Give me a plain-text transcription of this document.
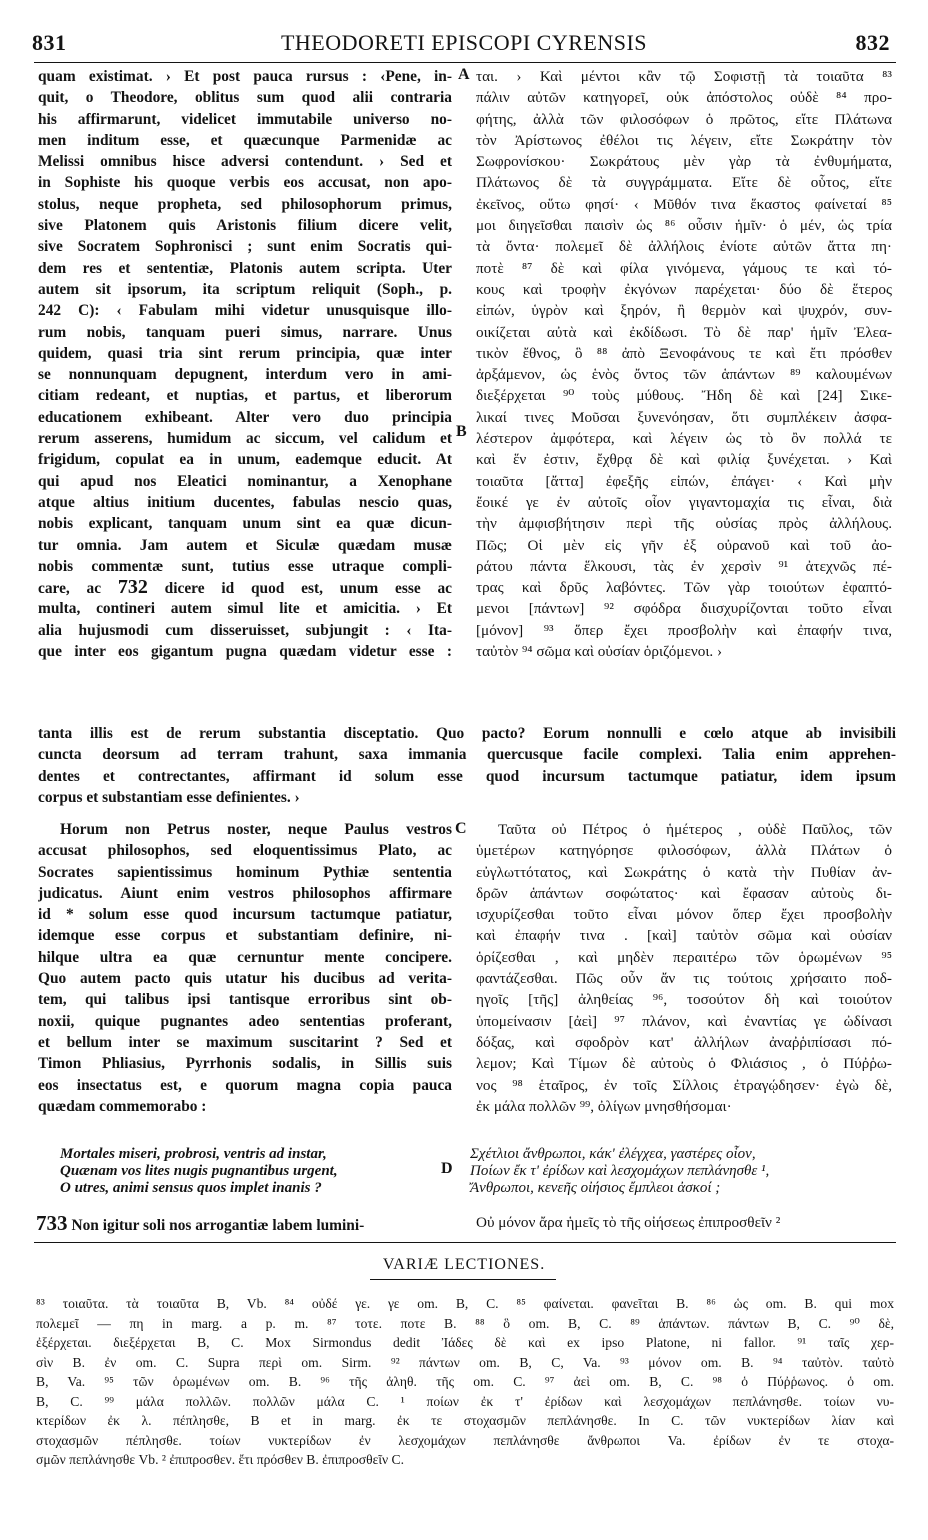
831	THEODORETI EPISCOPI CYRENSIS	832
quam existimat. › Et post pauca rursus : ‹Pene, in-
quit, o Theodore, oblitus sum quod alii contraria
his affirmarunt, videlicet immutabile universo no-
men inditum esse, et quæcunque Parmenidæ ac
Melissi omnibus hisce adversi contendunt. › Sed et
in Sophiste his quoque verbis eos accusat, non apo-
stolus, neque propheta, sed philosophorum primus,
sive Platonem quis Aristonis filium dicere velit,
sive Socratem Sophronisci ; sunt enim Socratis qui-
dem res et sententiæ, Platonis autem scripta. Uter
autem sit ipsorum, ita scriptum reliquit (Soph., p.
242 C): ‹ Fabulam mihi videtur unusquisque illo-
rum nobis, tanquam pueri simus, narrare. Unus
quidem, quasi tria sint rerum principia, quæ inter
se nonnunquam depugnent, interdum vero in ami-
citiam redeant, et nuptias, et partus, et liberorum
educationem exhibeant. Alter vero duo principia
rerum asserens, humidum ac siccum, vel calidum et
frigidum, copulat ea in unum, eademque educit. At
qui apud nos Eleatici nominantur, a Xenophane
atque altius initium ducentes, fabulas nescio quas,
nobis explicant, tanquam unum sint ea quæ dicun-
tur omnia. Jam autem et Siculæ quædam musæ
nobis commentæ sunt, tutius esse utraque compli-
care, ac 732 dicere id quod est, unum esse ac
multa, contineri autem simul lite et amicitia. › Et
alia hujusmodi cum disseruisset, subjungit : ‹ Ita-
que inter eos gigantum pugna quædam videtur esse :
ται. › Καὶ μέντοι κἂν τῷ Σοφιστῇ τὰ τοιαῦτα ⁸³
πάλιν αὐτῶν κατηγορεῖ, οὐκ ἀπόστολος οὐδὲ ⁸⁴ προ-
φήτης, ἀλλὰ τῶν φιλοσόφων ὁ πρῶτος, εἴτε Πλάτωνα
τὸν Ἀρίστωνος ἐθέλοι τις λέγειν, εἴτε Σωκράτην τὸν
Σωφρονίσκου· Σωκράτους μὲν γὰρ τὰ ἐνθυμήματα,
Πλάτωνος δὲ τὰ συγγράμματα. Εἴτε δὲ οὗτος, εἴτε
ἐκεῖνος, οὕτω φησί· ‹ Μῦθόν τινα ἕκαστος φαίνεταί ⁸⁵
μοι διηγεῖσθαι παισὶν ὡς ⁸⁶ οὖσιν ἡμῖν· ὁ μέν, ὡς τρία
τὰ ὄντα· πολεμεῖ δὲ ἀλλήλοις ἐνίοτε αὐτῶν ἄττα πη·
ποτὲ ⁸⁷ δὲ καὶ φίλα γινόμενα, γάμους τε καὶ τό-
κους καὶ τροφὴν ἐκγόνων παρέχεται· δύο δὲ ἕτερος
εἰπών, ὑγρὸν καὶ ξηρόν, ἢ θερμὸν καὶ ψυχρόν, συν-
οικίζεται αὐτὰ καὶ ἐκδίδωσι. Τὸ δὲ παρ' ἡμῖν Ἐλεα-
τικὸν ἔθνος, ὃ ⁸⁸ ἀπὸ Ξενοφάνους τε καὶ ἔτι πρόσθεν
ἀρξάμενον, ὡς ἑνὸς ὄντος τῶν ἁπάντων ⁸⁹ καλουμένων
διεξέρχεται ⁹⁰ τοὺς μύθους. Ἤδη δὲ καὶ [24] Σικε-
λικαί τινες Μοῦσαι ξυνενόησαν, ὅτι συμπλέκειν ἀσφα-
λέστερον ἀμφότερα, καὶ λέγειν ὡς τὸ ὂν πολλά τε
καὶ ἕν ἐστιν, ἔχθρᾳ δὲ καὶ φιλίᾳ ξυνέχεται. › Καὶ
τοιαῦτα [ἄττα] ἐφεξῆς εἰπών, ἐπάγει· ‹ Καὶ μὴν
ἔοικέ γε ἐν αὐτοῖς οἷον γιγαντομαχία τις εἶναι, διὰ
τὴν ἀμφισβήτησιν περὶ τῆς οὐσίας πρὸς ἀλλήλους.
Πῶς; Οἱ μὲν εἰς γῆν ἐξ οὐρανοῦ καὶ τοῦ ἀο-
ράτου πάντα ἕλκουσι, τὰς ἐν χερσὶν ⁹¹ ἀτεχνῶς πέ-
τρας καὶ δρῦς λαβόντες. Τῶν γὰρ τοιούτων ἐφαπτό-
μενοι [πάντων] ⁹² σφόδρα διισχυρίζονται τοῦτο εἶναι
[μόνον] ⁹³ ὅπερ ἔχει προσβολὴν καὶ ἐπαφήν τινα,
ταὐτὸν ⁹⁴ σῶμα καὶ οὐσίαν ὁριζόμενοι. ›
A
B
C
D
tanta illis est de rerum substantia disceptatio. Quo pacto? Eorum nonnulli e cœlo atque ab invisibili
cuncta deorsum ad terram trahunt, saxa immania quercusque facile complexi. Talia enim apprehen-
dentes et contrectantes, affirmant id solum esse quod incursum tactumque patiatur, idem ipsum
corpus et substantiam esse definientes. ›
Horum non Petrus noster, neque Paulus vestros
accusat philosophos, sed eloquentissimus Plato, ac
Socrates sapientissimus hominum Pythiæ sententia
judicatus. Aiunt enim vestros philosophos affirmare
id * solum esse quod incursum tactumque patiatur,
idemque esse corpus et substantiam definire, ni-
hilque ultra ea quæ cernuntur mente concipere.
Quo autem pacto quis utatur his ducibus ad verita-
tem, qui talibus ipsi tantisque erroribus sint ob-
noxii, quique pugnantes adeo sententias proferant,
et bellum inter se maximum suscitarint ? Sed et
Timon Phliasius, Pyrrhonis sodalis, in Sillis suis
eos insectatus est, e quorum magna copia pauca
quædam commemorabo :
Ταῦτα οὐ Πέτρος ὁ ἡμέτερος , οὐδὲ Παῦλος, τῶν
ὑμετέρων κατηγόρησε φιλοσόφων, ἀλλὰ Πλάτων ὁ
εὐγλωττότατος, καὶ Σωκράτης ὁ κατὰ τὴν Πυθίαν ἀν-
δρῶν ἁπάντων σοφώτατος· καὶ ἔφασαν αὐτοὺς δι-
ισχυρίζεσθαι τοῦτο εἶναι μόνον ὅπερ ἔχει προσβολὴν
καὶ ἐπαφήν τινα . [καὶ] ταὐτὸν σῶμα καὶ οὐσίαν
ὁρίζεσθαι , καὶ μηδὲν περαιτέρω τῶν ὁρωμένων ⁹⁵
φαντάζεσθαι. Πῶς οὖν ἄν τις τούτοις χρήσαιτο ποδ-
ηγοῖς [τῆς] ἀληθείας ⁹⁶, τοσούτον δὴ καὶ τοιούτον
ὑπομείνασιν [ἀεὶ] ⁹⁷ πλάνον, καὶ ἐναντίας γε ὠδίνασι
δόξας, καὶ σφοδρὸν κατ' ἀλλήλων ἀναῤῥιπίσασι πό-
λεμον; Καὶ Τίμων δὲ αὐτοὺς ὁ Φλιάσιος , ὁ Πύῤῥω-
νος ⁹⁸ ἑταῖρος, ἐν τοῖς Σίλλοις ἐτραγῴδησεν· ἐγὼ δὲ,
ἐκ μάλα πολλῶν ⁹⁹, ὀλίγων μνησθήσομαι·
Mortales miseri, probrosi, ventris ad instar,
Quænam vos lites nugis pugnantibus urgent,
O utres, animi sensus quos implet inanis ?
Σχέτλιοι ἄνθρωποι, κάκ' ἐλέγχεα, γαστέρες οἷον,
Ποίων ἔκ τ' ἐρίδων καὶ λεσχομάχων πεπλάνησθε ¹,
Ἄνθρωποι, κενεῆς οἰήσιος ἔμπλεοι ἀσκοί ;
733 Non igitur soli nos arrogantiæ labem lumini-	Οὐ μόνον ἄρα ἡμεῖς τὸ τῆς οἰήσεως ἐπιπροσθεῖν ²
VARIÆ LECTIONES.
⁸³ τοιαῦτα. τὰ τοιαῦτα B, Vb. ⁸⁴ οὐδέ γε. γε om. B, C. ⁸⁵ φαίνεται. φανεῖται B. ⁸⁶ ὡς om. B. qui mox
πολεμεῖ — πη in marg. a p. m. ⁸⁷ τοτε. ποτε B. ⁸⁸ ὃ om. B, C. ⁸⁹ ἁπάντων. πάντων B, C. ⁹⁰ δὲ,
ἐξέρχεται. διεξέρχεται B, C. Mox Sirmondus dedit Ἰάδες δὲ καὶ ex ipso Platone, ni fallor. ⁹¹ ταῖς χερ-
σὶν B. ἐν om. C. Supra περὶ om. Sirm. ⁹² πάντων om. B, C, Va. ⁹³ μόνον om. B. ⁹⁴ ταὐτὸν. ταὐτὸ
B, Va. ⁹⁵ τῶν ὁρωμένων om. B. ⁹⁶ τῆς ἀληθ. τῆς om. C. ⁹⁷ ἀεὶ om. B, C. ⁹⁸ ὁ Πύῤῥωνος. ὁ om.
B, C. ⁹⁹ μάλα πολλῶν. πολλῶν μάλα C. ¹ ποίων ἐκ τ' ἐρίδων καὶ λεσχομάχων πεπλάνησθε. τοίων νυ-
κτερίδων ἐκ λ. πέπλησθε, B et in marg. ἐκ τε στοχασμῶν πεπλάνησθε. In C. τῶν νυκτερίδων λίαν καὶ
στοχασμῶν πέπλησθε. τοίων νυκτερίδων ἐν λεσχομάχων πεπλάνησθε ἄνθρωποι Va. ἐρίδων ἐν τε στοχα-
σμῶν πεπλάνησθε Vb. ² ἐπιπροσθεν. ἔτι πρόσθεν B. ἐπιπροσθεῖν C.
